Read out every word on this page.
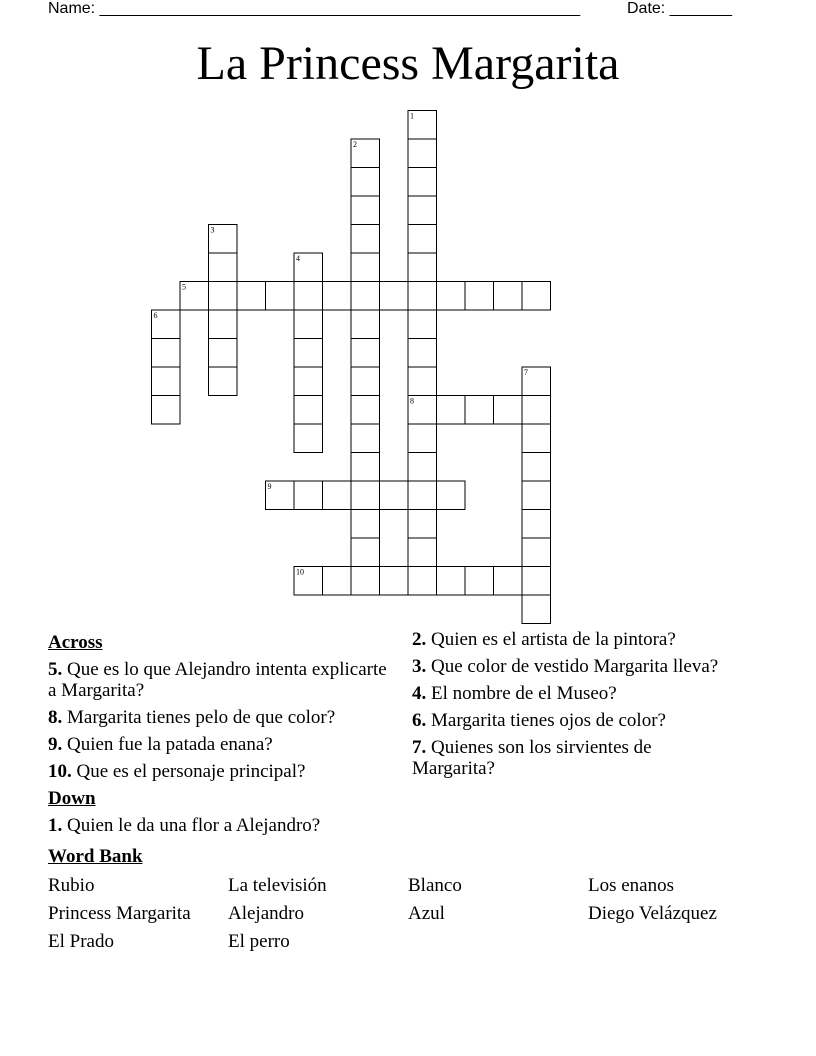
Name: ______________________________________________________	Date: _______
La Princess Margarita
1
2
3
4
5
6
7
8
9
10
Across
5. Que es lo que Alejandro intenta explicarte a Margarita?
8. Margarita tienes pelo de que color?
9. Quien fue la patada enana?
10. Que es el personaje principal?
Down
1. Quien le da una flor a Alejandro?
2. Quien es el artista de la pintora?
3. Que color de vestido Margarita lleva?
4. El nombre de el Museo?
6. Margarita tienes ojos de color?
7. Quienes son los sirvientes de Margarita?
Word Bank
Rubio	La televisión	Blanco	Los enanos
Princess Margarita	Alejandro	Azul	Diego Velázquez
El Prado	El perro
